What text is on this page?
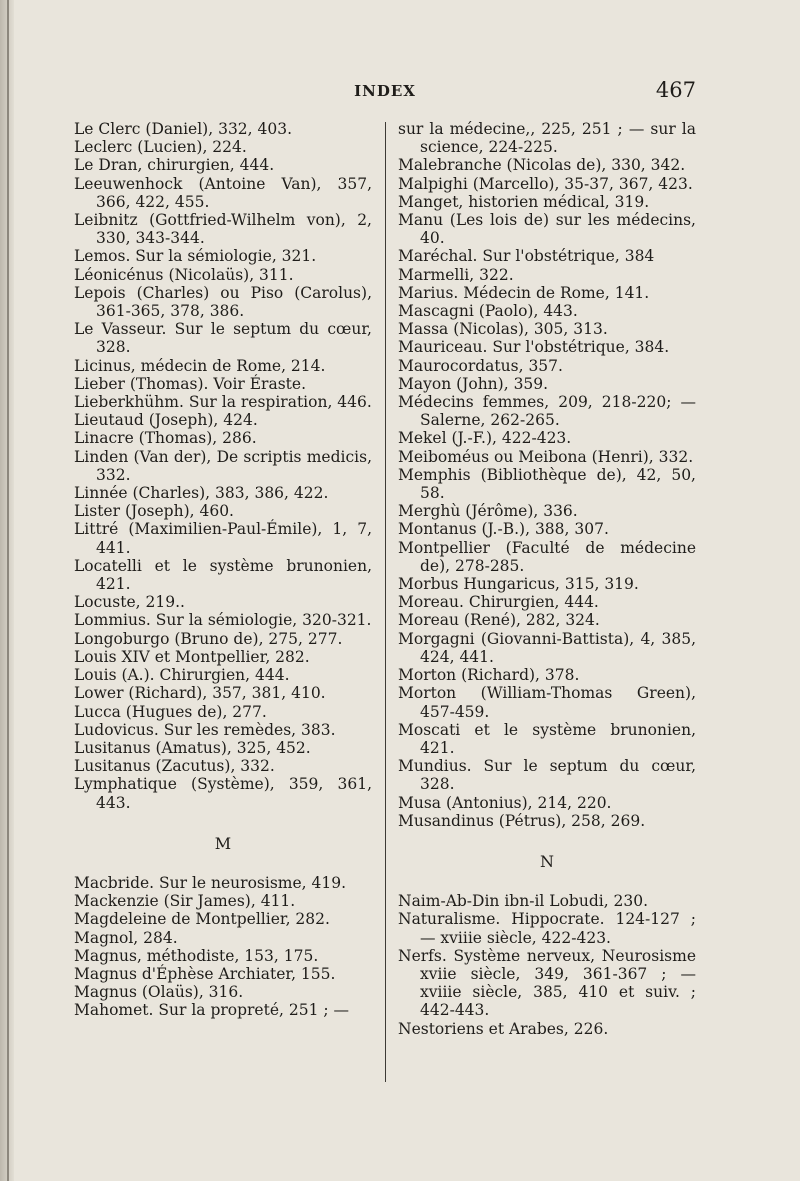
INDEX	467

Le Clerc (Daniel), 332, 403.

Leclerc (Lucien), 224.

Le Dran, chirurgien, 444.

Leeuwenhock (Antoine Van), 357, 366, 422, 455.

Leibnitz (Gottfried-Wilhelm von), 2, 330, 343-344.

Lemos. Sur la sémiologie, 321.

Léonicénus (Nicolaüs), 311.

Lepois (Charles) ou Piso (Carolus), 361-365, 378, 386.

Le Vasseur. Sur le septum du cœur, 328.

Licinus, médecin de Rome, 214.

Lieber (Thomas). Voir Éraste.

Lieberkhühm. Sur la respiration, 446.

Lieutaud (Joseph), 424.

Linacre (Thomas), 286.

Linden (Van der), De scriptis medicis, 332.

Linnée (Charles), 383, 386, 422.

Lister (Joseph), 460.

Littré (Maximilien-Paul-Émile), 1, 7, 441.

Locatelli et le système brunonien, 421.

Locuste, 219..

Lommius. Sur la sémiologie, 320-321.

Longoburgo (Bruno de), 275, 277.

Louis XIV et Montpellier, 282.

Louis (A.). Chirurgien, 444.

Lower (Richard), 357, 381, 410.

Lucca (Hugues de), 277.

Ludovicus. Sur les remèdes, 383.

Lusitanus (Amatus), 325, 452.

Lusitanus (Zacutus), 332.

Lymphatique (Système), 359, 361, 443.

M

Macbride. Sur le neurosisme, 419.

Mackenzie (Sir James), 411.

Magdeleine de Montpellier, 282.

Magnol, 284.

Magnus, méthodiste, 153, 175.

Magnus d'Éphèse Archiater, 155.

Magnus (Olaüs), 316.

Mahomet. Sur la propreté, 251 ; —

sur la médecine,, 225, 251 ; — sur la science, 224-225.

Malebranche (Nicolas de), 330, 342.

Malpighi (Marcello), 35-37, 367, 423.

Manget, historien médical, 319.

Manu (Les lois de) sur les médecins, 40.

Maréchal. Sur l'obstétrique, 384

Marmelli, 322.

Marius. Médecin de Rome, 141.

Mascagni (Paolo), 443.

Massa (Nicolas), 305, 313.

Mauriceau. Sur l'obstétrique, 384.

Maurocordatus, 357.

Mayon (John), 359.

Médecins femmes, 209, 218-220; — Salerne, 262-265.

Mekel (J.-F.), 422-423.

Meiboméus ou Meibona (Henri), 332.

Memphis (Bibliothèque de), 42, 50, 58.

Merghù (Jérôme), 336.

Montanus (J.-B.), 388, 307.

Montpellier (Faculté de médecine de), 278-285.

Morbus Hungaricus, 315, 319.

Moreau. Chirurgien, 444.

Moreau (René), 282, 324.

Morgagni (Giovanni-Battista), 4, 385, 424, 441.

Morton (Richard), 378.

Morton (William-Thomas Green), 457-459.

Moscati et le système brunonien, 421.

Mundius. Sur le septum du cœur, 328.

Musa (Antonius), 214, 220.

Musandinus (Pétrus), 258, 269.

N

Naim-Ab-Din ibn-il Lobudi, 230.

Naturalisme. Hippocrate. 124-127 ; — xviiie siècle, 422-423.

Nerfs. Système nerveux, Neurosisme xviie siècle, 349, 361-367 ; — xviiie siècle, 385, 410 et suiv. ; 442-443.

Nestoriens et Arabes, 226.
